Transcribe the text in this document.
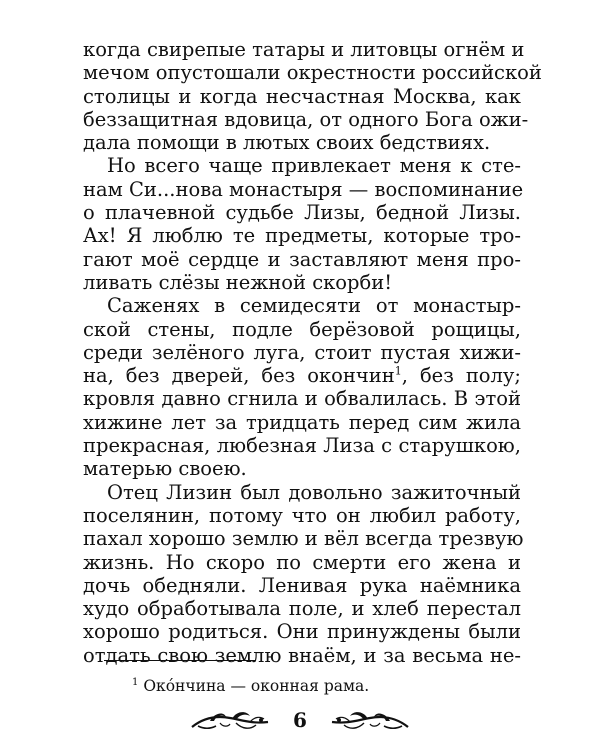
когда свирепые татары и литовцы огнём и
мечом опустошали окрестности российской
столицы и когда несчастная Москва, как
беззащитная вдовица, от одного Бога ожи-
дала помощи в лютых своих бедствиях.
Но всего чаще привлекает меня к сте-
нам Си...нова монастыря — воспоминание
о плачевной судьбе Лизы, бедной Лизы.
Ах! Я люблю те предметы, которые тро-
гают моё сердце и заставляют меня про-
ливать слёзы нежной скорби!
Саженях в семидесяти от монастыр-
ской стены, подле берёзовой рощицы,
среди зелёного луга, стоит пустая хижи-
на, без дверей, без окончин$^1$, без полу;
кровля давно сгнила и обвалилась. В этой
хижине лет за тридцать перед сим жила
прекрасная, любезная Лиза с старушкою,
матерью своею.
Отец Лизин был довольно зажиточный
поселянин, потому что он любил работу,
пахал хорошо землю и вёл всегда трезвую
жизнь. Но скоро по смерти его жена и
дочь обедняли. Ленивая рука наёмника
худо обработывала поле, и хлеб перестал
хорошо родиться. Они принуждены были
отдать свою землю внаём, и за весьма не-
$^1$ Око́нчина — оконная рама.
6
